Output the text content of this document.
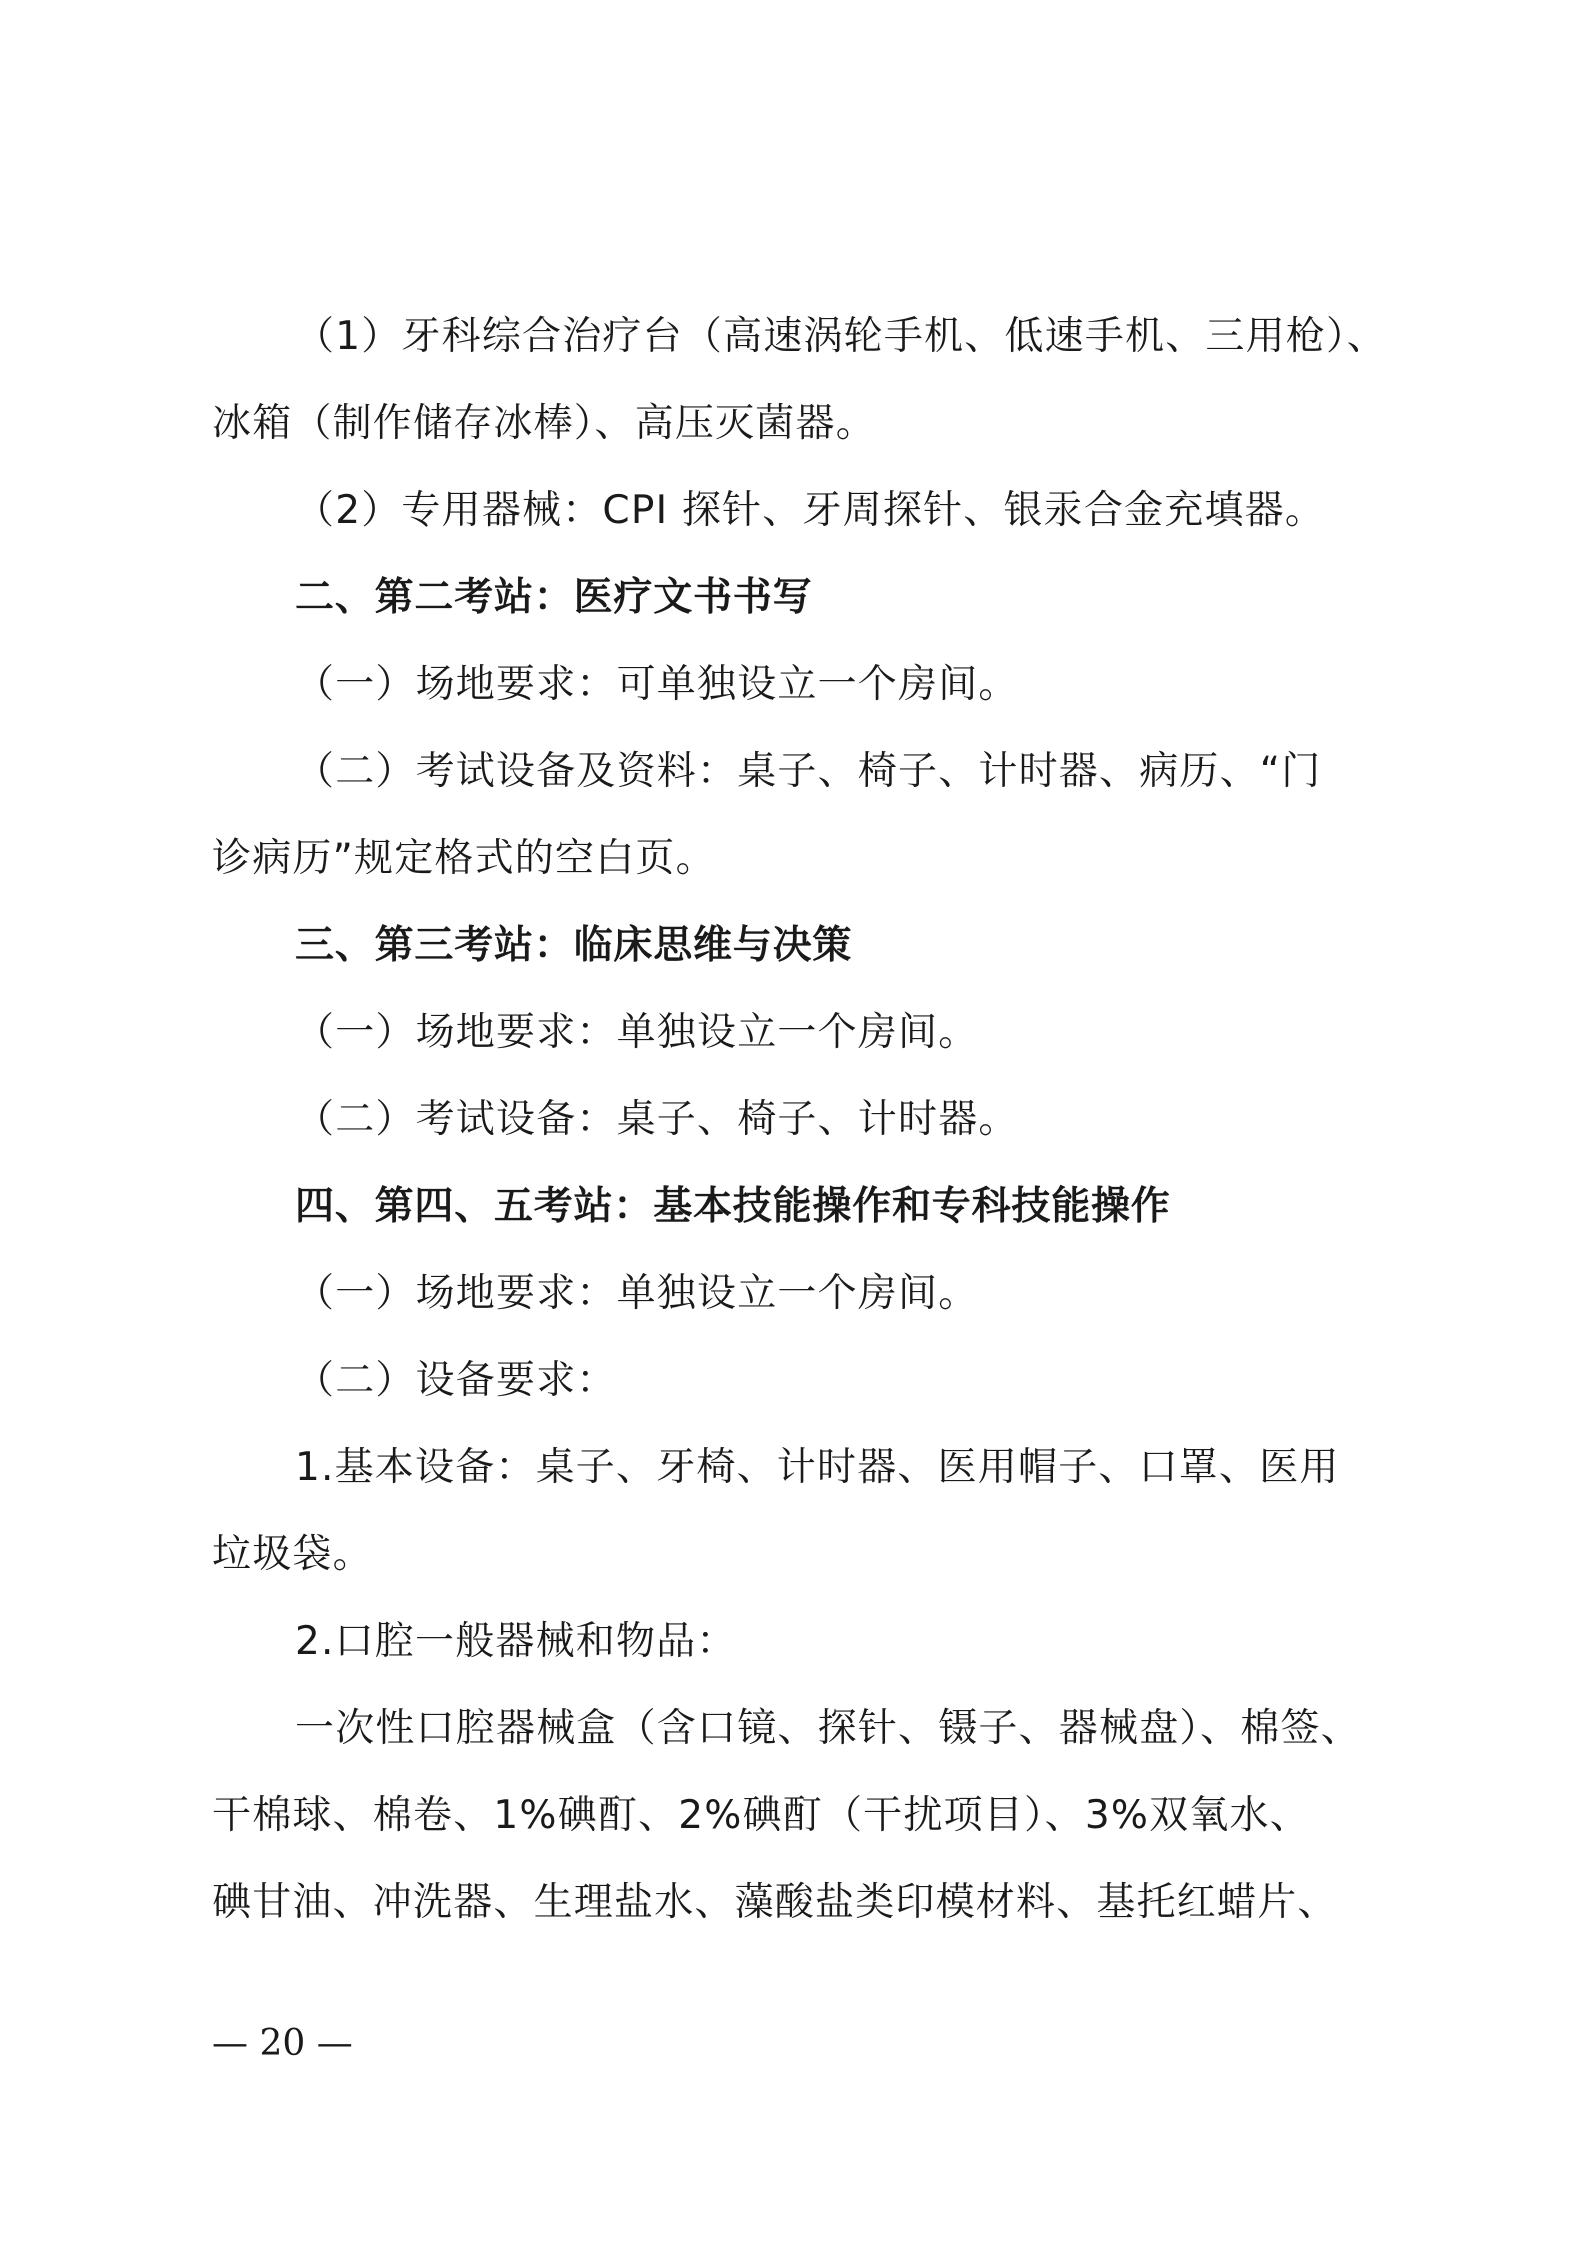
（1）牙科综合治疗台（高速涡轮手机、低速手机、三用枪）、
冰箱（制作储存冰棒）、高压灭菌器。
（2）专用器械：CPI 探针、牙周探针、银汞合金充填器。
二、第二考站：医疗文书书写
（一）场地要求：可单独设立一个房间。
（二）考试设备及资料：桌子、椅子、计时器、病历、“门
诊病历”规定格式的空白页。
三、第三考站：临床思维与决策
（一）场地要求：单独设立一个房间。
（二）考试设备：桌子、椅子、计时器。
四、第四、五考站：基本技能操作和专科技能操作
（一）场地要求：单独设立一个房间。
（二）设备要求：
1.基本设备：桌子、牙椅、计时器、医用帽子、口罩、医用
垃圾袋。
2.口腔一般器械和物品：
一次性口腔器械盒（含口镜、探针、镊子、器械盘）、棉签、
干棉球、棉卷、1%碘酊、2%碘酊（干扰项目）、3%双氧水、
碘甘油、冲洗器、生理盐水、藻酸盐类印模材料、基托红蜡片、
— 20 —
